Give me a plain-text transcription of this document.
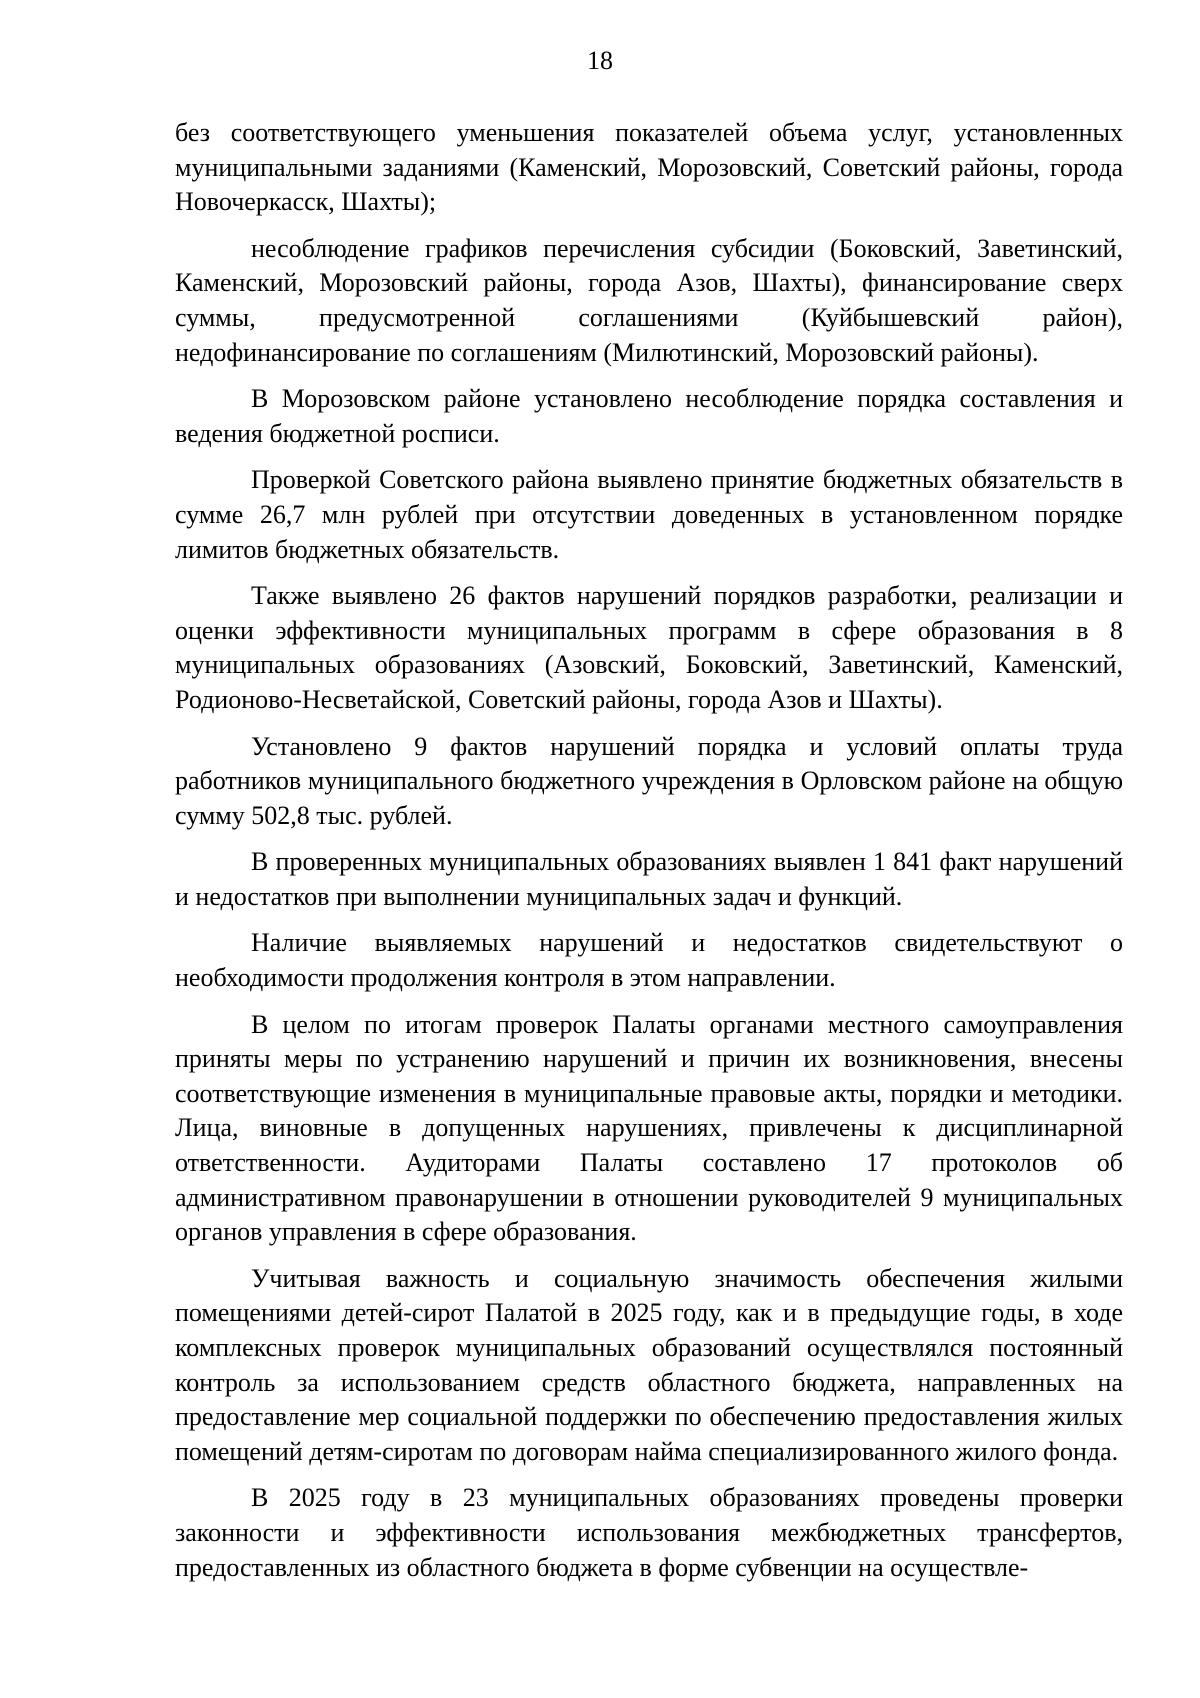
18

без соответствующего уменьшения показателей объема услуг, установленных муниципальными заданиями (Каменский, Морозовский, Советский районы, города Новочеркасск, Шахты);

несоблюдение графиков перечисления субсидии (Боковский, Заветинский, Каменский, Морозовский районы, города Азов, Шахты), финансирование сверх суммы, предусмотренной соглашениями (Куйбышевский район), недофинансирование по соглашениям (Милютинский, Морозовский районы).

В Морозовском районе установлено несоблюдение порядка составления и ведения бюджетной росписи.

Проверкой Советского района выявлено принятие бюджетных обязательств в сумме 26,7 млн рублей при отсутствии доведенных в установленном порядке лимитов бюджетных обязательств.

Также выявлено 26 фактов нарушений порядков разработки, реализации и оценки эффективности муниципальных программ в сфере образования в 8 муниципальных образованиях (Азовский, Боковский, Заветинский, Каменский, Родионово-Несветайской, Советский районы, города Азов и Шахты).

Установлено 9 фактов нарушений порядка и условий оплаты труда работников муниципального бюджетного учреждения в Орловском районе на общую сумму 502,8 тыс. рублей.

В проверенных муниципальных образованиях выявлен 1 841 факт нарушений и недостатков при выполнении муниципальных задач и функций.

Наличие выявляемых нарушений и недостатков свидетельствуют о необходимости продолжения контроля в этом направлении.

В целом по итогам проверок Палаты органами местного самоуправления приняты меры по устранению нарушений и причин их возникновения, внесены соответствующие изменения в муниципальные правовые акты, порядки и методики. Лица, виновные в допущенных нарушениях, привлечены к дисциплинарной ответственности. Аудиторами Палаты составлено 17 протоколов об административном правонарушении в отношении руководителей 9 муниципальных органов управления в сфере образования.

Учитывая важность и социальную значимость обеспечения жилыми помещениями детей-сирот Палатой в 2025 году, как и в предыдущие годы, в ходе комплексных проверок муниципальных образований осуществлялся постоянный контроль за использованием средств областного бюджета, направленных на предоставление мер социальной поддержки по обеспечению предоставления жилых помещений детям-сиротам по договорам найма специализированного жилого фонда.

В 2025 году в 23 муниципальных образованиях проведены проверки законности и эффективности использования межбюджетных трансфертов, предоставленных из областного бюджета в форме субвенции на осуществле-
